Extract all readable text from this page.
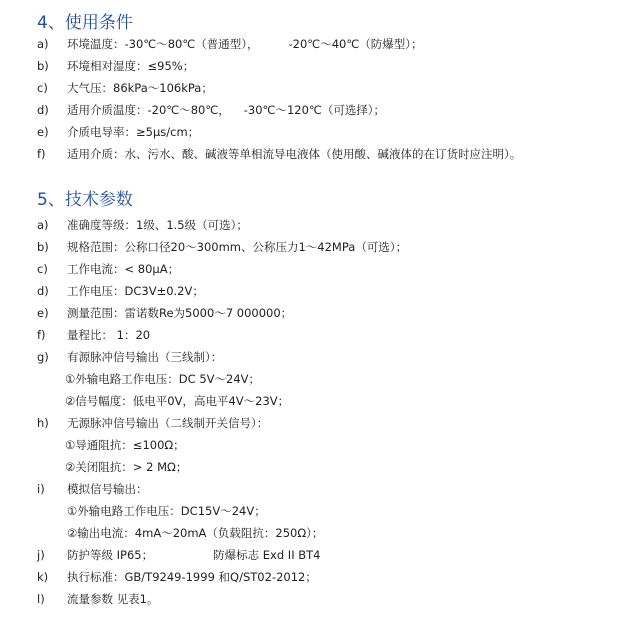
4、使用条件
a) 环境温度：-30℃～80℃（普通型），	-20℃～40℃（防爆型）；
b) 环境相对湿度：≤95%；
c) 大气压：86kPa～106kPa；
d) 适用介质温度：-20℃～80℃， -30℃～120℃（可选择）；
e) 介质电导率：≥5μs/cm；
f) 适用介质：水、污水、酸、碱液等单相流导电液体（使用酸、碱液体的在订货时应注明）。
5、技术参数
a) 准确度等级：1级、1.5级（可选）；
b) 规格范围：公称口径20～300mm、公称压力1～42MPa（可选）；
c) 工作电流：< 80μA；
d) 工作电压：DC3V±0.2V；
e) 测量范围：雷诺数Re为5000～7 000000；
f) 量程比： 1：20
g) 有源脉冲信号输出（三线制）：
①外输电路工作电压：DC 5V～24V；
②信号幅度：低电平0V，高电平4V～23V；
h) 无源脉冲信号输出（二线制开关信号）：
①导通阻抗：≤100Ω；
②关闭阻抗：> 2 MΩ；
i) 模拟信号输出：
①外输电路工作电压：DC15V～24V；
②输出电流：4mA～20mA（负载阻抗：250Ω）；
j) 防护等级 IP65；	防爆标志 Exd II BT4
k) 执行标准：GB/T9249-1999 和Q/ST02-2012；
l) 流量参数 见表1。
